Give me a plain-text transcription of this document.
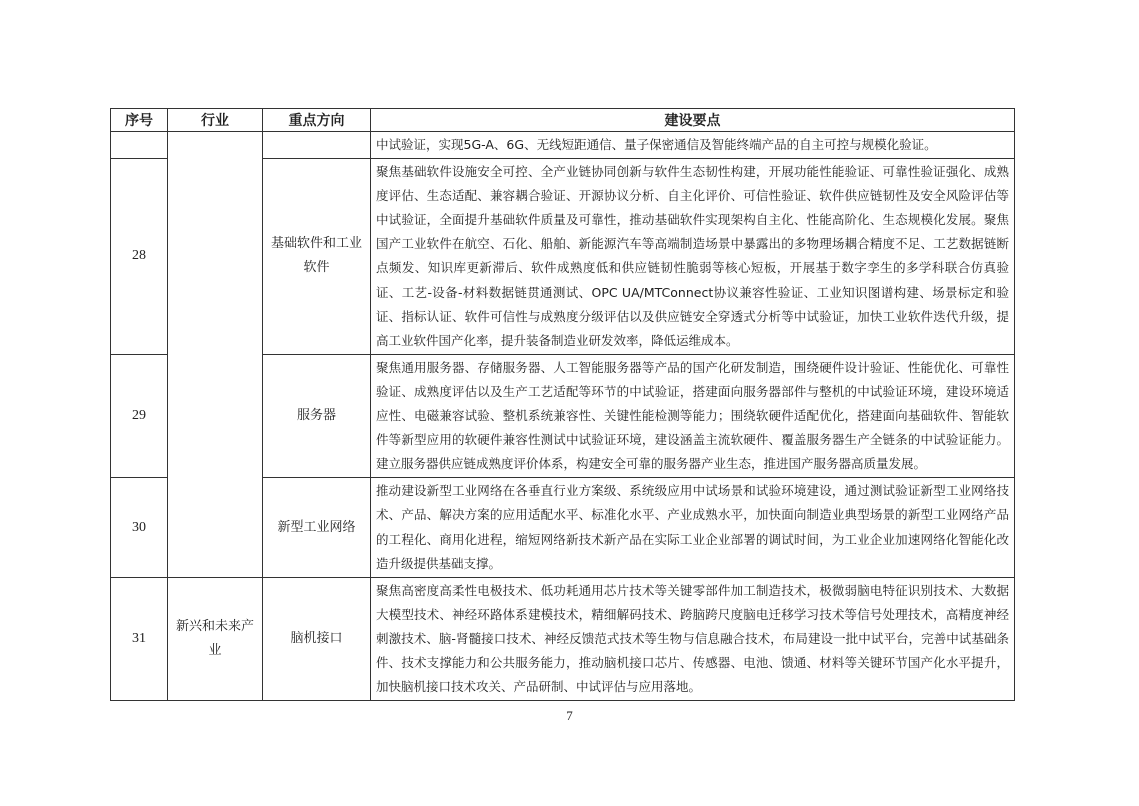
序号	行业	重点方向	建设要点
			中试验证，实现5G-A、6G、无线短距通信、量子保密通信及智能终端产品的自主可控与规模化验证。
28		基础软件和工业软件	聚焦基础软件设施安全可控、全产业链协同创新与软件生态韧性构建，开展功能性能验证、可靠性验证强化、成熟度评估、生态适配、兼容耦合验证、开源协议分析、自主化评价、可信性验证、软件供应链韧性及安全风险评估等中试验证，全面提升基础软件质量及可靠性，推动基础软件实现架构自主化、性能高阶化、生态规模化发展。聚焦国产工业软件在航空、石化、船舶、新能源汽车等高端制造场景中暴露出的多物理场耦合精度不足、工艺数据链断点频发、知识库更新滞后、软件成熟度低和供应链韧性脆弱等核心短板，开展基于数字孪生的多学科联合仿真验证、工艺-设备-材料数据链贯通测试、OPC UA/MTConnect协议兼容性验证、工业知识图谱构建、场景标定和验证、指标认证、软件可信性与成熟度分级评估以及供应链安全穿透式分析等中试验证，加快工业软件迭代升级，提高工业软件国产化率，提升装备制造业研发效率，降低运维成本。
29		服务器	聚焦通用服务器、存储服务器、人工智能服务器等产品的国产化研发制造，围绕硬件设计验证、性能优化、可靠性验证、成熟度评估以及生产工艺适配等环节的中试验证，搭建面向服务器部件与整机的中试验证环境，建设环境适应性、电磁兼容试验、整机系统兼容性、关键性能检测等能力；围绕软硬件适配优化，搭建面向基础软件、智能软件等新型应用的软硬件兼容性测试中试验证环境，建设涵盖主流软硬件、覆盖服务器生产全链条的中试验证能力。建立服务器供应链成熟度评价体系，构建安全可靠的服务器产业生态，推进国产服务器高质量发展。
30		新型工业网络	推动建设新型工业网络在各垂直行业方案级、系统级应用中试场景和试验环境建设，通过测试验证新型工业网络技术、产品、解决方案的应用适配水平、标准化水平、产业成熟水平，加快面向制造业典型场景的新型工业网络产品的工程化、商用化进程，缩短网络新技术新产品在实际工业企业部署的调试时间，为工业企业加速网络化智能化改造升级提供基础支撑。
31	新兴和未来产业	脑机接口	聚焦高密度高柔性电极技术、低功耗通用芯片技术等关键零部件加工制造技术，极微弱脑电特征识别技术、大数据大模型技术、神经环路体系建模技术，精细解码技术、跨脑跨尺度脑电迁移学习技术等信号处理技术，高精度神经刺激技术、脑-肾髓接口技术、神经反馈范式技术等生物与信息融合技术，布局建设一批中试平台，完善中试基础条件、技术支撑能力和公共服务能力，推动脑机接口芯片、传感器、电池、馈通、材料等关键环节国产化水平提升，加快脑机接口技术攻关、产品研制、中试评估与应用落地。
7
